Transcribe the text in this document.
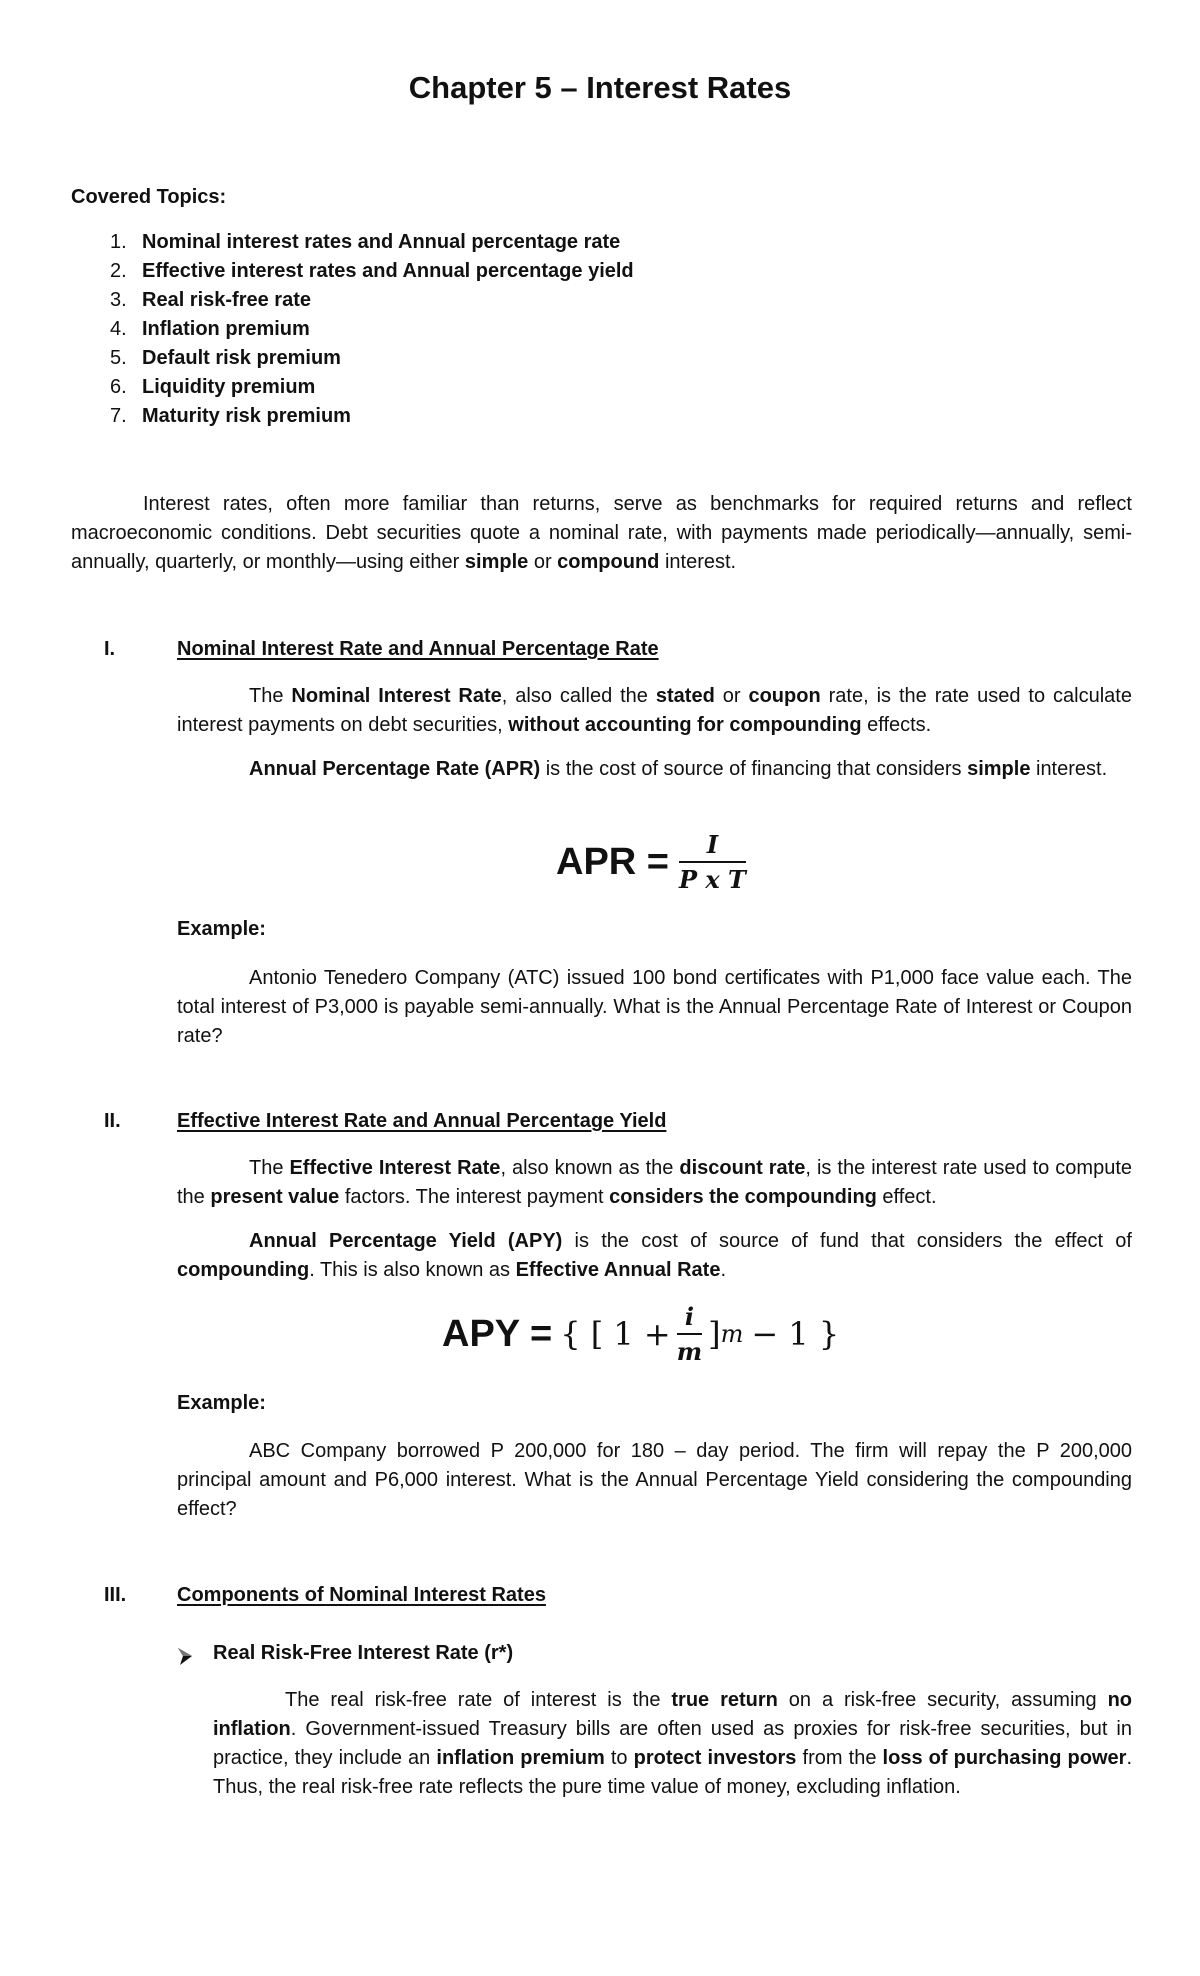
Chapter 5 – Interest Rates
Covered Topics:
1. Nominal interest rates and Annual percentage rate
2. Effective interest rates and Annual percentage yield
3. Real risk-free rate
4. Inflation premium
5. Default risk premium
6. Liquidity premium
7. Maturity risk premium

Interest rates, often more familiar than returns, serve as benchmarks for required returns and reflect macroeconomic conditions. Debt securities quote a nominal rate, with payments made periodically—annually, semi-annually, quarterly, or monthly—using either simple or compound interest.

I.	Nominal Interest Rate and Annual Percentage Rate

The Nominal Interest Rate, also called the stated or coupon rate, is the rate used to calculate interest payments on debt securities, without accounting for compounding effects.

Annual Percentage Rate (APR) is the cost of source of financing that considers simple interest.

APR = $\frac{I}{\text{P x T}}$
Example:

Antonio Tenedero Company (ATC) issued 100 bond certificates with P1,000 face value each. The total interest of P3,000 is payable semi-annually. What is the Annual Percentage Rate of Interest or Coupon rate?

II.	Effective Interest Rate and Annual Percentage Yield

The Effective Interest Rate, also known as the discount rate, is the interest rate used to compute the present value factors. The interest payment considers the compounding effect.

Annual Percentage Yield (APY) is the cost of source of fund that considers the effect of compounding. This is also known as Effective Annual Rate.

APY = { [ $1 + \frac{i}{m}$ ] m − 1 }
Example:

ABC Company borrowed P 200,000 for 180 – day period. The firm will repay the P 200,000 principal amount and P6,000 interest. What is the Annual Percentage Yield considering the compounding effect?

III.	Components of Nominal Interest Rates
Real Risk-Free Interest Rate (r*)

The real risk-free rate of interest is the true return on a risk-free security, assuming no inflation. Government-issued Treasury bills are often used as proxies for risk-free securities, but in practice, they include an inflation premium to protect investors from the loss of purchasing power. Thus, the real risk-free rate reflects the pure time value of money, excluding inflation.
